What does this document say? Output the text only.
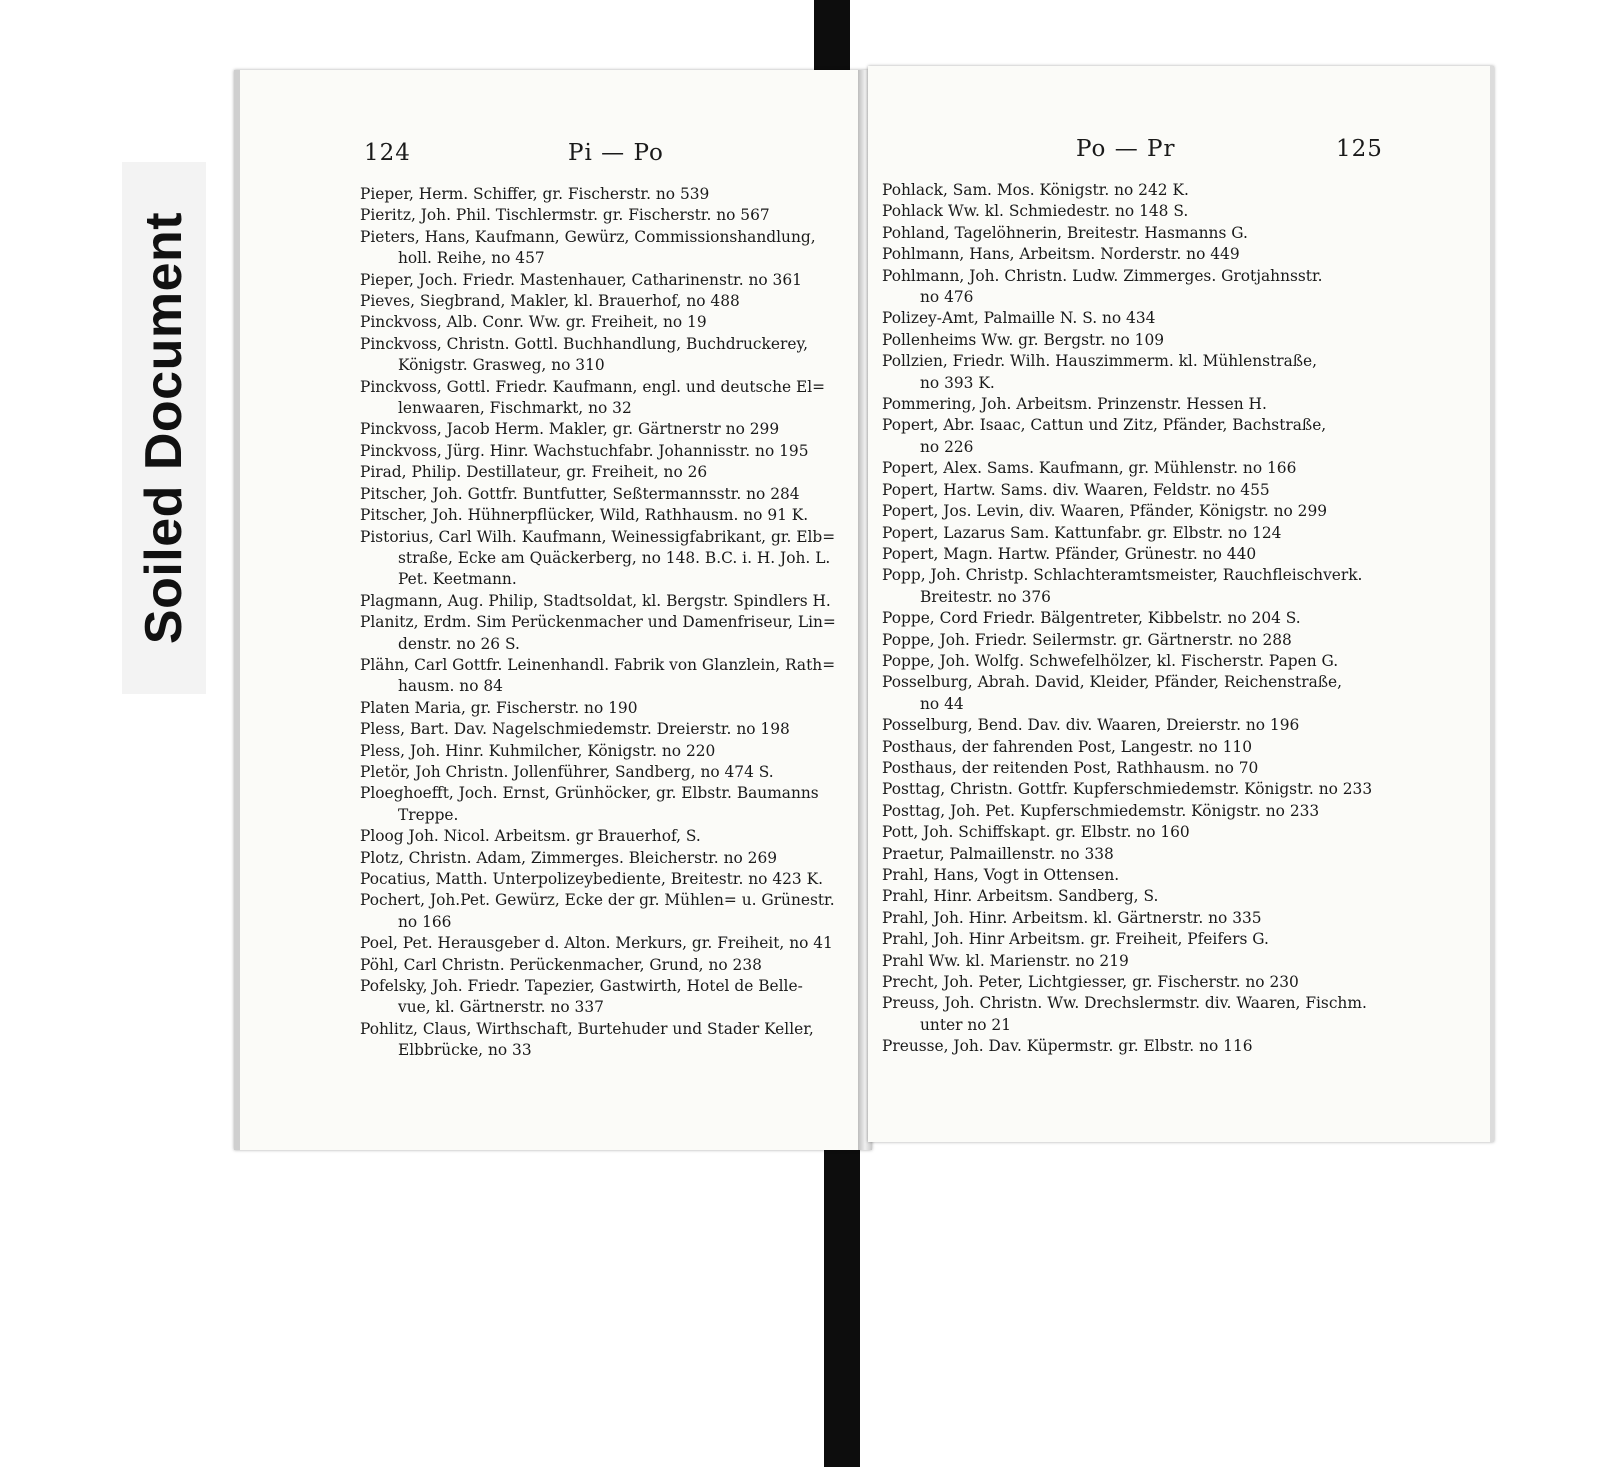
Soiled Document
124	Pi — Po
Pieper, Herm. Schiffer, gr. Fischerstr. no 539
Pieritz, Joh. Phil. Tischlermstr. gr. Fischerstr. no 567
Pieters, Hans, Kaufmann, Gewürz, Commissionshandlung,
holl. Reihe, no 457
Pieper, Joch. Friedr. Mastenhauer, Catharinenstr. no 361
Pieves, Siegbrand, Makler, kl. Brauerhof, no 488
Pinckvoss, Alb. Conr. Ww. gr. Freiheit, no 19
Pinckvoss, Christn. Gottl. Buchhandlung, Buchdruckerey,
Königstr. Grasweg, no 310
Pinckvoss, Gottl. Friedr. Kaufmann, engl. und deutsche El=
lenwaaren, Fischmarkt, no 32
Pinckvoss, Jacob Herm. Makler, gr. Gärtnerstr no 299
Pinckvoss, Jürg. Hinr. Wachstuchfabr. Johannisstr. no 195
Pirad, Philip. Destillateur, gr. Freiheit, no 26
Pitscher, Joh. Gottfr. Buntfutter, Seßtermannsstr. no 284
Pitscher, Joh. Hühnerpflücker, Wild, Rathhausm. no 91 K.
Pistorius, Carl Wilh. Kaufmann, Weinessigfabrikant, gr. Elb=
straße, Ecke am Quäckerberg, no 148. B.C. i. H. Joh. L.
Pet. Keetmann.
Plagmann, Aug. Philip, Stadtsoldat, kl. Bergstr. Spindlers H.
Planitz, Erdm. Sim Perückenmacher und Damenfriseur, Lin=
denstr. no 26 S.
Plähn, Carl Gottfr. Leinenhandl. Fabrik von Glanzlein, Rath=
hausm. no 84
Platen Maria, gr. Fischerstr. no 190
Pless, Bart. Dav. Nagelschmiedemstr. Dreierstr. no 198
Pless, Joh. Hinr. Kuhmilcher, Königstr. no 220
Pletör, Joh Christn. Jollenführer, Sandberg, no 474 S.
Ploeghoefft, Joch. Ernst, Grünhöcker, gr. Elbstr. Baumanns
Treppe.
Ploog Joh. Nicol. Arbeitsm. gr Brauerhof, S.
Plotz, Christn. Adam, Zimmerges. Bleicherstr. no 269
Pocatius, Matth. Unterpolizeybediente, Breitestr. no 423 K.
Pochert, Joh.Pet. Gewürz, Ecke der gr. Mühlen= u. Grünestr.
no 166
Poel, Pet. Herausgeber d. Alton. Merkurs, gr. Freiheit, no 41
Pöhl, Carl Christn. Perückenmacher, Grund, no 238
Pofelsky, Joh. Friedr. Tapezier, Gastwirth, Hotel de Belle-
vue, kl. Gärtnerstr. no 337
Pohlitz, Claus, Wirthschaft, Burtehuder und Stader Keller,
Elbbrücke, no 33
Po — Pr	125
Pohlack, Sam. Mos. Königstr. no 242 K.
Pohlack Ww. kl. Schmiedestr. no 148 S.
Pohland, Tagelöhnerin, Breitestr. Hasmanns G.
Pohlmann, Hans, Arbeitsm. Norderstr. no 449
Pohlmann, Joh. Christn. Ludw. Zimmerges. Grotjahnsstr.
no 476
Polizey-Amt, Palmaille N. S. no 434
Pollenheims Ww. gr. Bergstr. no 109
Pollzien, Friedr. Wilh. Hauszimmerm. kl. Mühlenstraße,
no 393 K.
Pommering, Joh. Arbeitsm. Prinzenstr. Hessen H.
Popert, Abr. Isaac, Cattun und Zitz, Pfänder, Bachstraße,
no 226
Popert, Alex. Sams. Kaufmann, gr. Mühlenstr. no 166
Popert, Hartw. Sams. div. Waaren, Feldstr. no 455
Popert, Jos. Levin, div. Waaren, Pfänder, Königstr. no 299
Popert, Lazarus Sam. Kattunfabr. gr. Elbstr. no 124
Popert, Magn. Hartw. Pfänder, Grünestr. no 440
Popp, Joh. Christp. Schlachteramtsmeister, Rauchfleischverk.
Breitestr. no 376
Poppe, Cord Friedr. Bälgentreter, Kibbelstr. no 204 S.
Poppe, Joh. Friedr. Seilermstr. gr. Gärtnerstr. no 288
Poppe, Joh. Wolfg. Schwefelhölzer, kl. Fischerstr. Papen G.
Posselburg, Abrah. David, Kleider, Pfänder, Reichenstraße,
no 44
Posselburg, Bend. Dav. div. Waaren, Dreierstr. no 196
Posthaus, der fahrenden Post, Langestr. no 110
Posthaus, der reitenden Post, Rathhausm. no 70
Posttag, Christn. Gottfr. Kupferschmiedemstr. Königstr. no 233
Posttag, Joh. Pet. Kupferschmiedemstr. Königstr. no 233
Pott, Joh. Schiffskapt. gr. Elbstr. no 160
Praetur, Palmaillenstr. no 338
Prahl, Hans, Vogt in Ottensen.
Prahl, Hinr. Arbeitsm. Sandberg, S.
Prahl, Joh. Hinr. Arbeitsm. kl. Gärtnerstr. no 335
Prahl, Joh. Hinr Arbeitsm. gr. Freiheit, Pfeifers G.
Prahl Ww. kl. Marienstr. no 219
Precht, Joh. Peter, Lichtgiesser, gr. Fischerstr. no 230
Preuss, Joh. Christn. Ww. Drechslermstr. div. Waaren, Fischm.
unter no 21
Preusse, Joh. Dav. Küpermstr. gr. Elbstr. no 116
